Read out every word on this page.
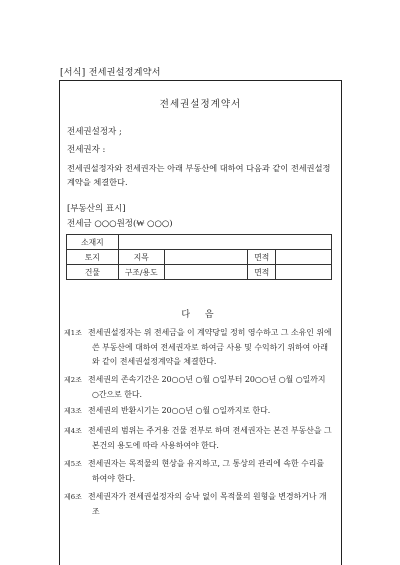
[서식] 전세권설정계약서
전세권설정계약서
전세권설정자 ;
전세권자 :
전세권설정자와 전세권자는 아래 부동산에 대하여 다음과 같이 전세권설정계약을 체결한다.
[부동산의 표시]
전세금 ○○○원정(₩ ○○○)
소재지				
토지	지목		면적	
건물	구조/용도		면적	
다 음
제1조 전세권설정자는 위 전세금을 이 계약당일 정히 영수하고 그 소유인 위에 쓴 부동산에 대하여 전세권자로 하여금 사용 및 수익하기 위하여 아래와 같이 전세권설정계약을 체결한다.
제2조 전세권의 존속기간은 20○○년 ○월 ○일부터 20○○년 ○월 ○일까지 ○간으로 한다.
제3조 전세권의 반환시기는 20○○년 ○월 ○일까지로 한다.
제4조 전세권의 범위는 주거용 건물 전부로 하며 전세권자는 본건 부동산을 그 본건의 용도에 따라 사용하여야 한다.
제5조 전세권자는 목적물의 현상을 유지하고, 그 통상의 관리에 속한 수리를 하여야 한다.
제6조 전세권자가 전세권설정자의 승낙 없이 목적물의 원형을 변경하거나 개조
